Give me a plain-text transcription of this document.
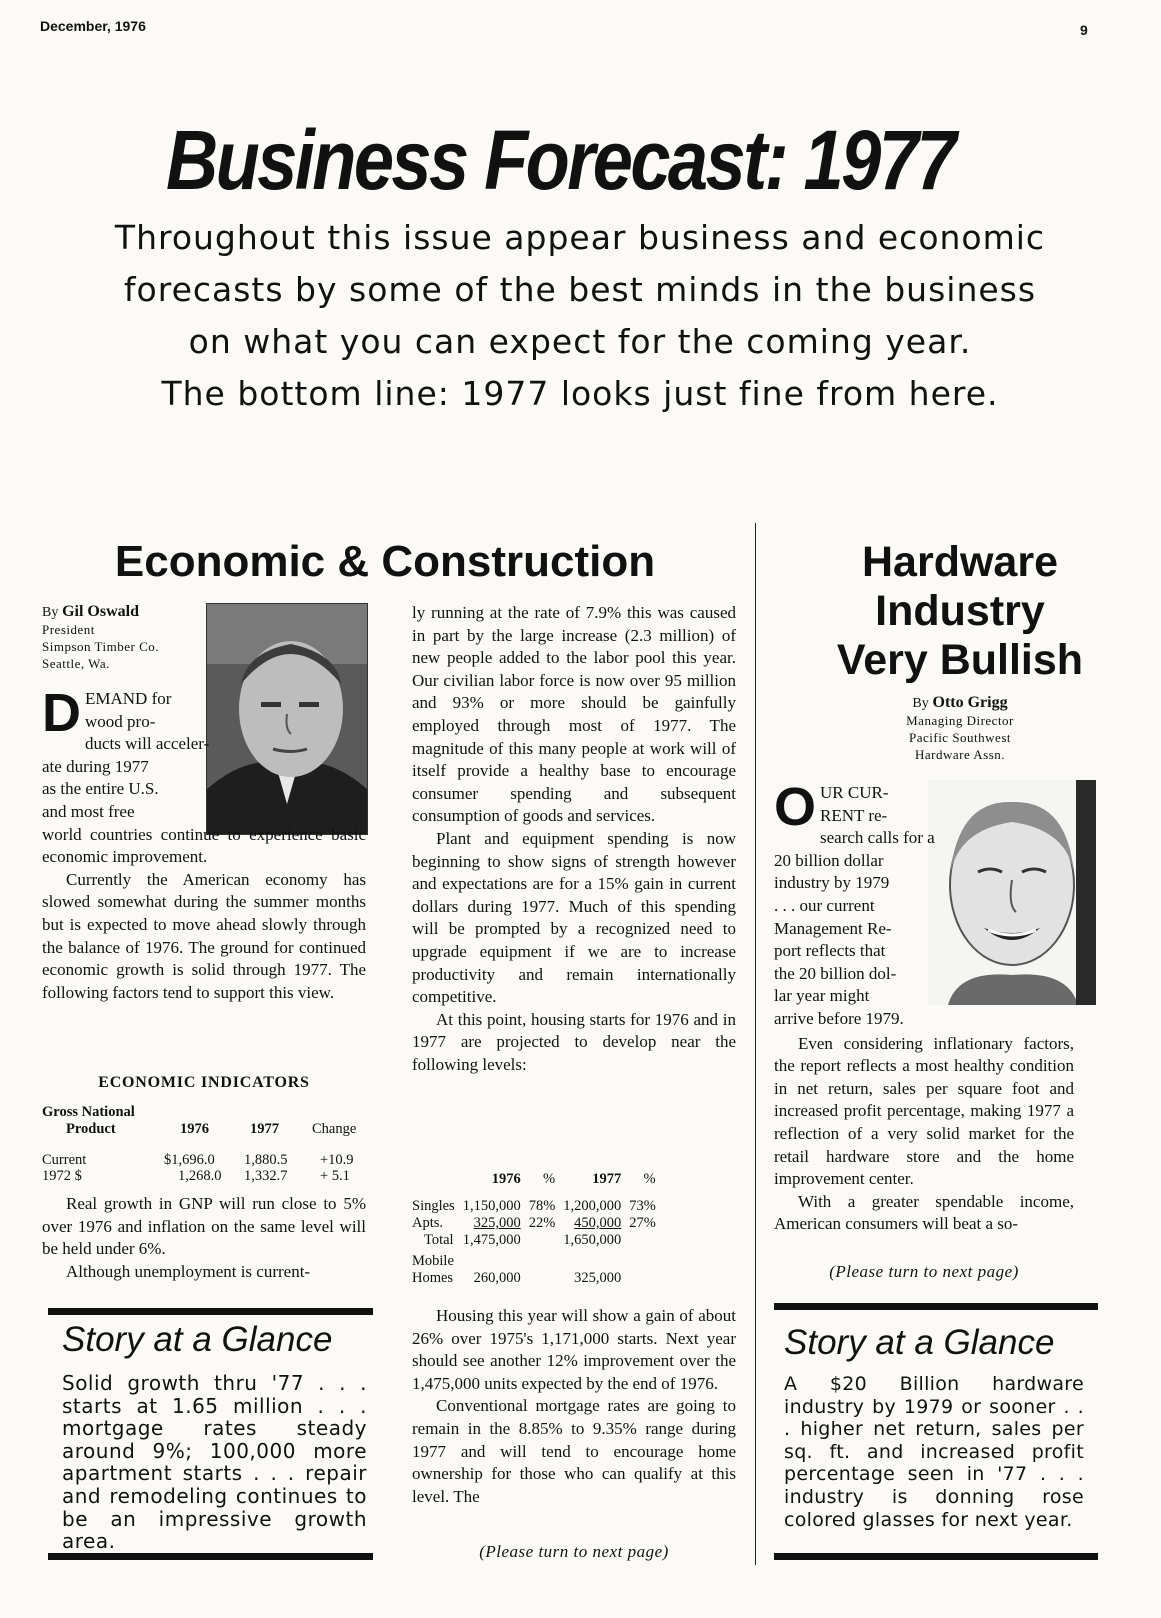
December, 1976	9
Business Forecast: 1977
Throughout this issue appear business and economic
forecasts by some of the best minds in the business
on what you can expect for the coming year.
The bottom line: 1977 looks just fine from here.
Economic & Construction
By Gil Oswald
President
Simpson Timber Co.
Seattle, Wa.
D EMAND for
wood pro-
ducts will acceler-
ate during 1977
as the entire U.S.
and most free

world countries continue to experience basic economic improvement.

Currently the American economy has slowed somewhat during the summer months but is expected to move ahead slowly through the balance of 1976. The ground for continued economic growth is solid through 1977. The following factors tend to support this view.

ECONOMIC INDICATORS
Gross National
Product	1976	1977 Change
Current	$1,696.0 1,880.5 +10.9
1972 $	1,268.0 1,332.7 + 5.1

Real growth in GNP will run close to 5% over 1976 and inflation on the same level will be held under 6%.

Although unemployment is current-

Story at a Glance
Solid growth thru '77 . . . starts at 1.65 million . . . mortgage rates steady around 9%; 100,000 more apartment starts . . . repair and remodeling continues to be an impressive growth area.

ly running at the rate of 7.9% this was caused in part by the large increase (2.3 million) of new people added to the labor pool this year. Our civilian labor force is now over 95 million and 93% or more should be gainfully employed through most of 1977. The magnitude of this many people at work will of itself provide a healthy base to encourage consumer spending and subsequent consumption of goods and services.

Plant and equipment spending is now beginning to show signs of strength however and expectations are for a 15% gain in current dollars during 1977. Much of this spending will be prompted by a recognized need to upgrade equipment if we are to increase productivity and remain internationally competitive.

At this point, housing starts for 1976 and in 1977 are projected to develop near the following levels:

	1976	%	1977	%
Singles	1,150,000	78%	1,200,000	73%
Apts.	325,000	22%	450,000	27%
Total	1,475,000		1,650,000	
Mobile				
Homes	260,000		325,000	

Housing this year will show a gain of about 26% over 1975's 1,171,000 starts. Next year should see another 12% improvement over the 1,475,000 units expected by the end of 1976.

Conventional mortgage rates are going to remain in the 8.85% to 9.35% range during 1977 and will tend to encourage home ownership for those who can qualify at this level. The

(Please turn to next page)
Hardware
Industry
Very Bullish
By Otto Grigg
Managing Director
Pacific Southwest
Hardware Assn.
O UR CUR-
RENT re-
search calls for a
20 billion dollar
industry by 1979
. . . our current
Management Re-
port reflects that
the 20 billion dol-
lar year might
arrive before 1979.

Even considering inflationary factors, the report reflects a most healthy condition in net return, sales per square foot and increased profit percentage, making 1977 a reflection of a very solid market for the retail hardware store and the home improvement center.

With a greater spendable income, American consumers will beat a so-

(Please turn to next page)
Story at a Glance
A $20 Billion hardware industry by 1979 or sooner . . . higher net return, sales per sq. ft. and increased profit percentage seen in '77 . . . industry is donning rose colored glasses for next year.
